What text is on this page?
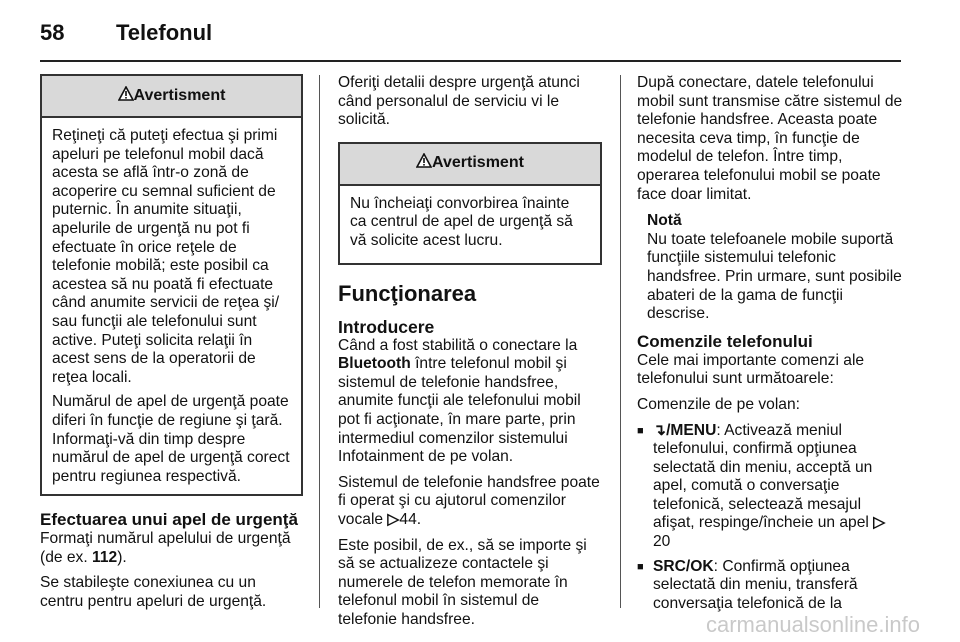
58 Telefonul
Avertisment

Reţineţi că puteţi efectua şi primi apeluri pe telefonul mobil dacă acesta se află într-o zonă de acoperire cu semnal suficient de puternic. În anumite situaţii, apelurile de urgenţă nu pot fi efectuate în orice reţele de telefonie mobilă; este posibil ca acestea să nu poată fi efectuate când anumite servicii de reţea şi/ sau funcţii ale telefonului sunt active. Puteţi solicita relaţii în acest sens de la operatorii de reţea locali.

Numărul de apel de urgenţă poate diferi în funcţie de regiune şi ţară. Informaţi-vă din timp despre numărul de apel de urgenţă corect pentru regiunea respectivă.

Efectuarea unui apel de urgenţă

Formaţi numărul apelului de urgenţă (de ex. 112).

Se stabileşte conexiunea cu un centru pentru apeluri de urgenţă.

Oferiţi detalii despre urgenţă atunci când personalul de serviciu vi le solicită.

Avertisment

Nu încheiaţi convorbirea înainte ca centrul de apel de urgenţă să vă solicite acest lucru.

Funcţionarea
Introducere

Când a fost stabilită o conectare la Bluetooth între telefonul mobil şi sistemul de telefonie handsfree, anumite funcţii ale telefonului mobil pot fi acţionate, în mare parte, prin intermediul comenzilor sistemului Infotainment de pe volan.

Sistemul de telefonie handsfree poate fi operat şi cu ajutorul comenzilor vocale ▷44.

Este posibil, de ex., să se importe şi să se actualizeze contactele şi numerele de telefon memorate în telefonul mobil în sistemul de telefonie handsfree.

După conectare, datele telefonului mobil sunt transmise către sistemul de telefonie handsfree. Aceasta poate necesita ceva timp, în funcţie de modelul de telefon. Între timp, operarea telefonului mobil se poate face doar limitat.

Notă
Nu toate telefoanele mobile suportă funcţiile sistemului telefonic handsfree. Prin urmare, sunt posibile abateri de la gama de funcţii descrise.
Comenzile telefonului

Cele mai importante comenzi ale telefonului sunt următoarele:

Comenzile de pe volan:

■ ↴/MENU: Activează meniul telefonului, confirmă opţiunea selectată din meniu, acceptă un apel, comută o conversaţie telefonică, selectează mesajul afişat, respinge/încheie un apel ▷ 20
■ SRC/OK: Confirmă opţiunea selectată din meniu, transferă conversaţia telefonică de la
carmanualsonline.info
